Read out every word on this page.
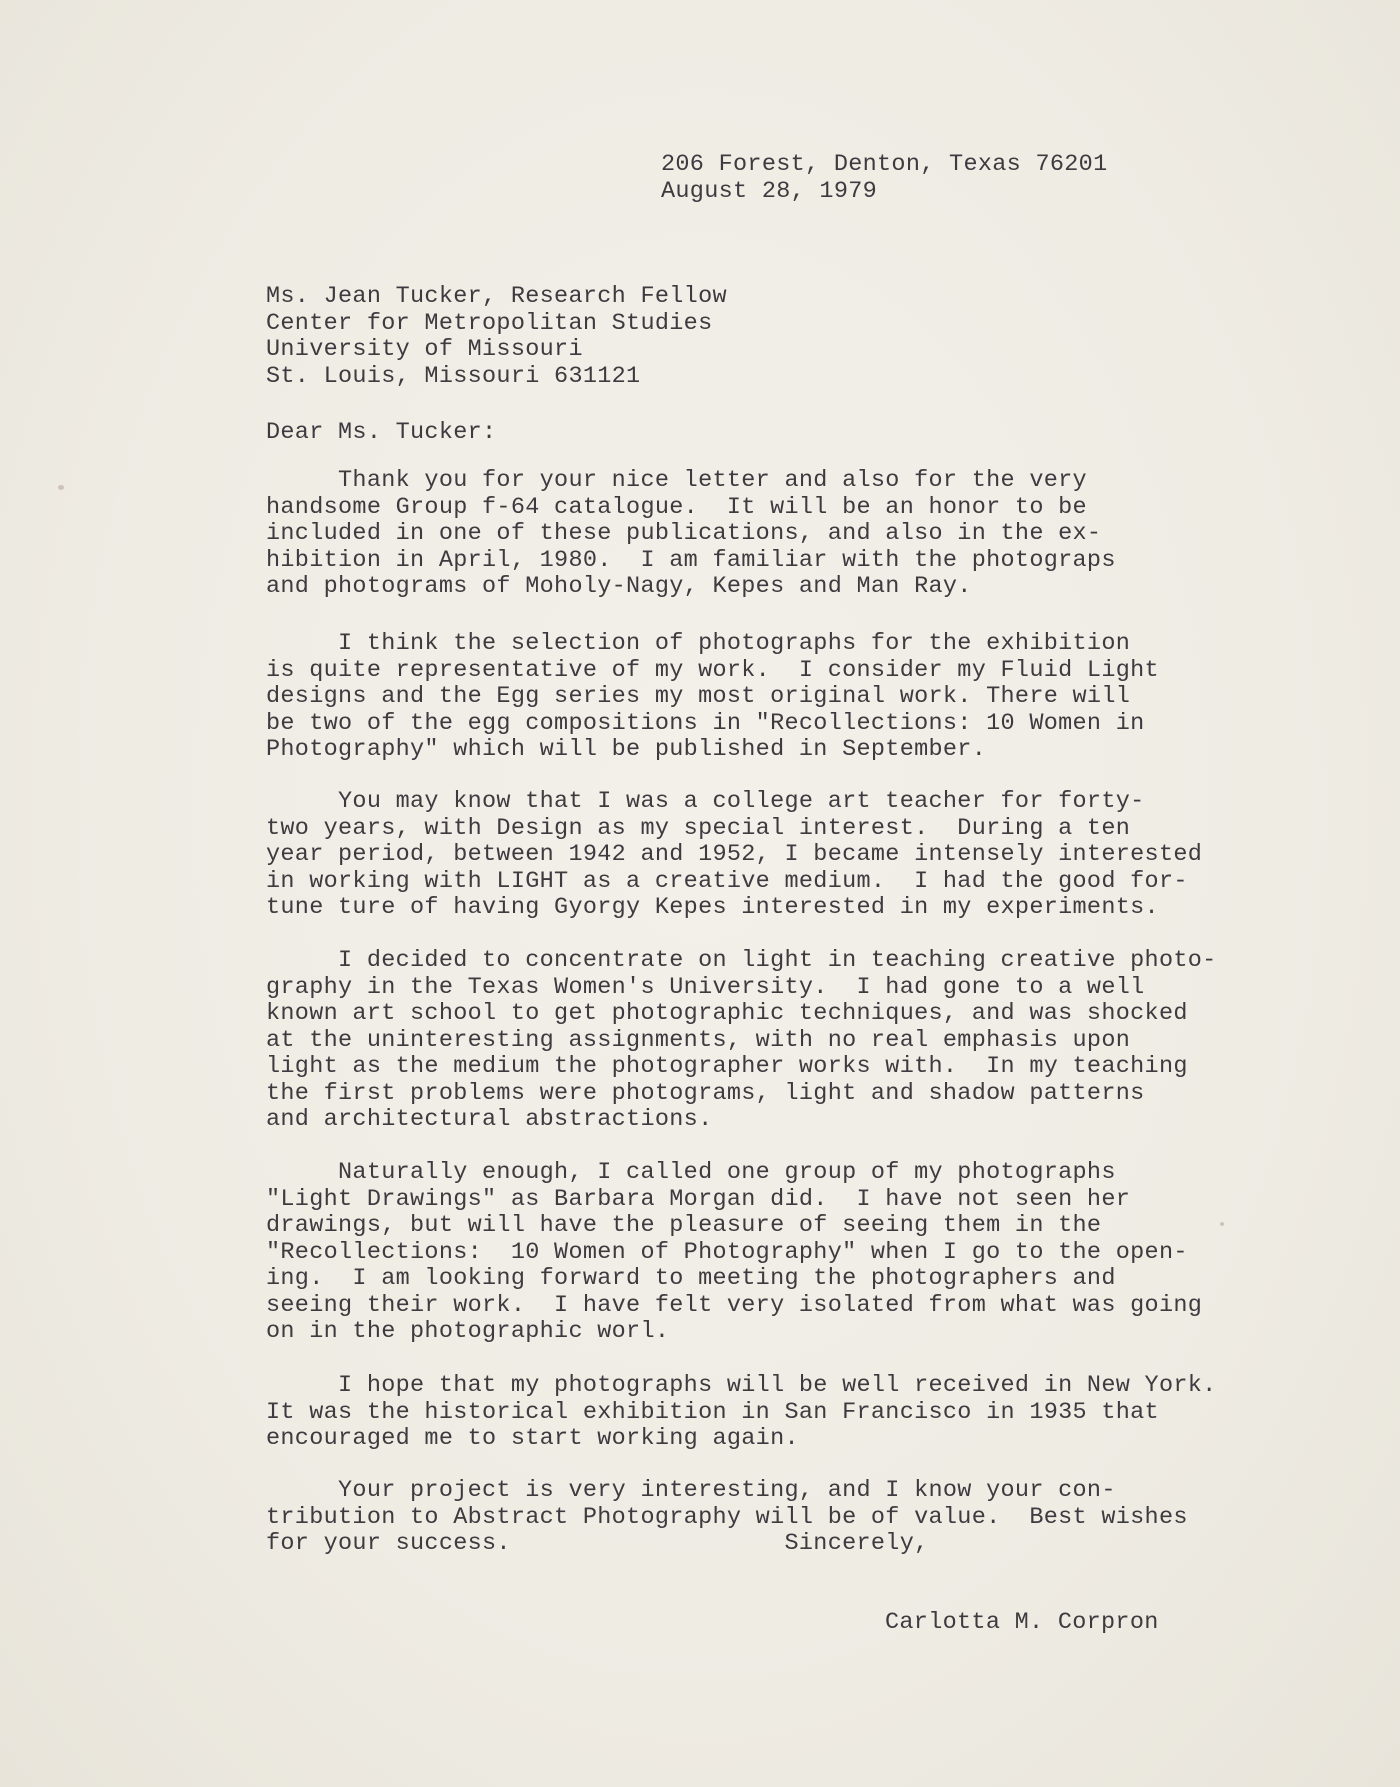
206 Forest, Denton, Texas 76201
August 28, 1979
Ms. Jean Tucker, Research Fellow
Center for Metropolitan Studies
University of Missouri
St. Louis, Missouri 631121
Dear Ms. Tucker:
Thank you for your nice letter and also for the very
handsome Group f-64 catalogue.  It will be an honor to be
included in one of these publications, and also in the ex-
hibition in April, 1980.  I am familiar with the photograps
and photograms of Moholy-Nagy, Kepes and Man Ray.
I think the selection of photographs for the exhibition
is quite representative of my work.  I consider my Fluid Light
designs and the Egg series my most original work. There will
be two of the egg compositions in "Recollections: 10 Women in
Photography" which will be published in September.
You may know that I was a college art teacher for forty-
two years, with Design as my special interest.  During a ten
year period, between 1942 and 1952, I became intensely interested
in working with LIGHT as a creative medium.  I had the good for-
tune ture of having Gyorgy Kepes interested in my experiments.
I decided to concentrate on light in teaching creative photo-
graphy in the Texas Women's University.  I had gone to a well
known art school to get photographic techniques, and was shocked
at the uninteresting assignments, with no real emphasis upon
light as the medium the photographer works with.  In my teaching
the first problems were photograms, light and shadow patterns
and architectural abstractions.
Naturally enough, I called one group of my photographs
"Light Drawings" as Barbara Morgan did.  I have not seen her
drawings, but will have the pleasure of seeing them in the
"Recollections:  10 Women of Photography" when I go to the open-
ing.  I am looking forward to meeting the photographers and
seeing their work.  I have felt very isolated from what was going
on in the photographic worl.
I hope that my photographs will be well received in New York.
It was the historical exhibition in San Francisco in 1935 that
encouraged me to start working again.
Your project is very interesting, and I know your con-
tribution to Abstract Photography will be of value.  Best wishes
for your success.                   Sincerely,
Carlotta M. Corpron
